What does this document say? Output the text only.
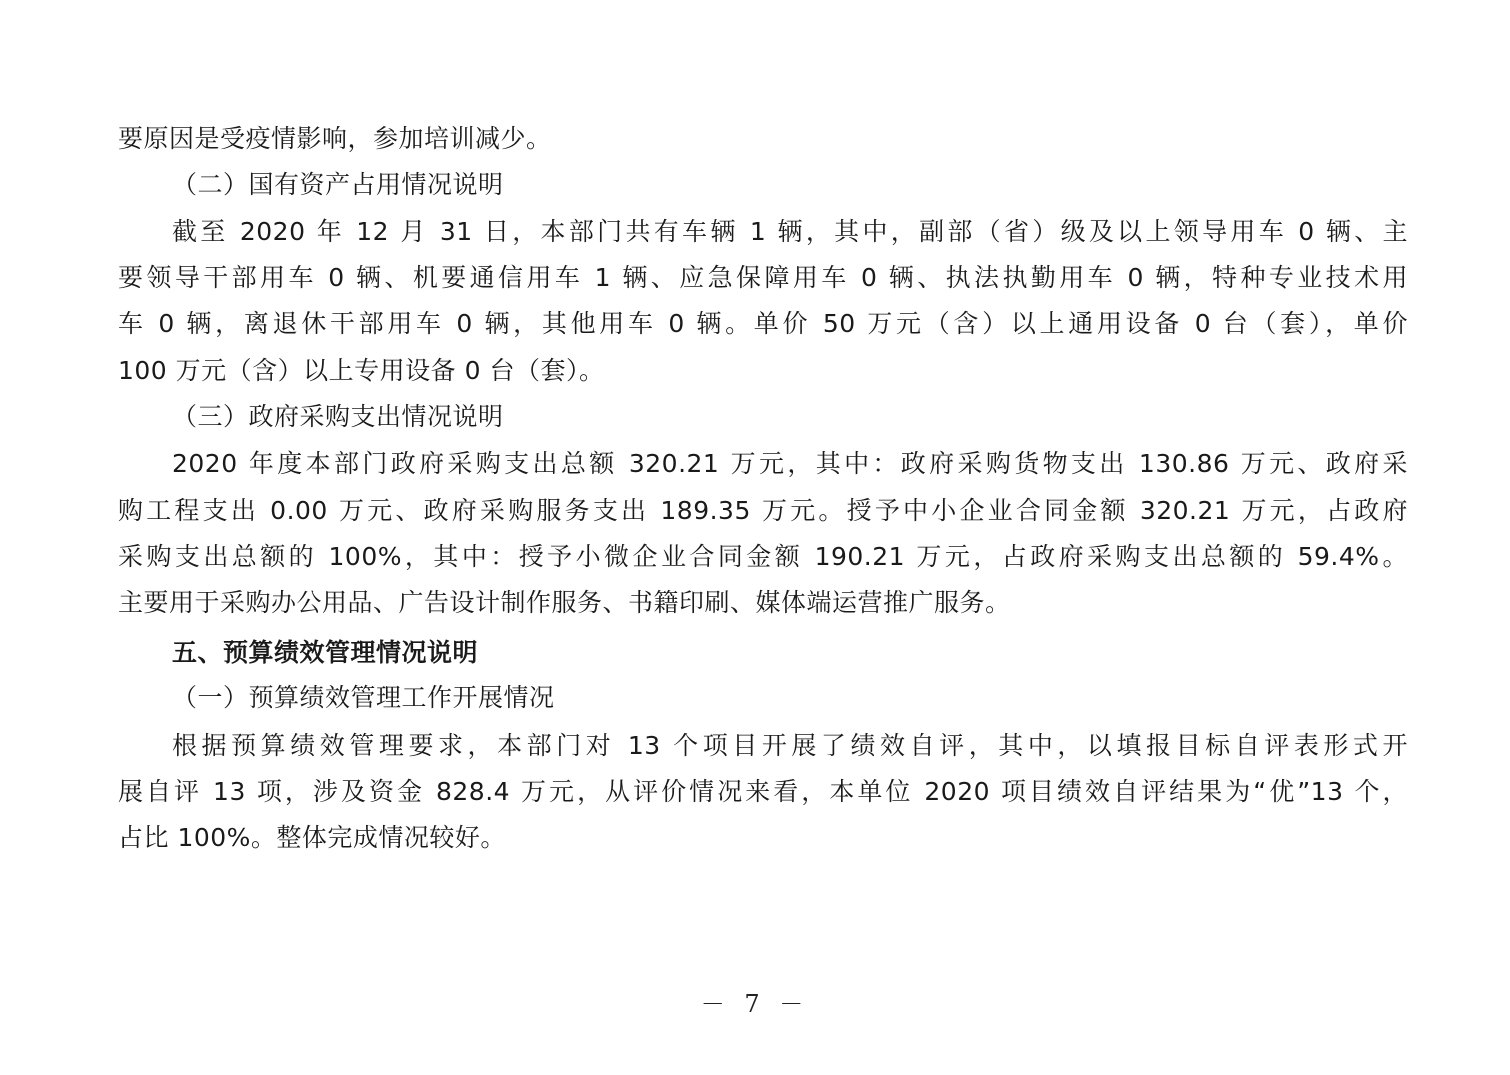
要原因是受疫情影响，参加培训减少。
（二）国有资产占用情况说明
截至 2020 年 12 月 31 日，本部门共有车辆 1 辆，其中，副部（省）级及以上领导用车 0 辆、主
要领导干部用车 0 辆、机要通信用车 1 辆、应急保障用车 0 辆、执法执勤用车 0 辆，特种专业技术用
车 0 辆，离退休干部用车 0 辆，其他用车 0 辆。单价 50 万元（含）以上通用设备 0 台（套），单价
100 万元（含）以上专用设备 0 台（套）。
（三）政府采购支出情况说明
2020 年度本部门政府采购支出总额 320.21 万元，其中：政府采购货物支出 130.86 万元、政府采
购工程支出 0.00 万元、政府采购服务支出 189.35 万元。授予中小企业合同金额 320.21 万元，占政府
采购支出总额的 100%，其中：授予小微企业合同金额 190.21 万元，占政府采购支出总额的 59.4%。
主要用于采购办公用品、广告设计制作服务、书籍印刷、媒体端运营推广服务。
五、预算绩效管理情况说明
（一）预算绩效管理工作开展情况
根据预算绩效管理要求，本部门对 13 个项目开展了绩效自评，其中，以填报目标自评表形式开
展自评 13 项，涉及资金 828.4 万元，从评价情况来看，本单位 2020 项目绩效自评结果为“优”13 个，
占比 100%。整体完成情况较好。
－ 7 －
